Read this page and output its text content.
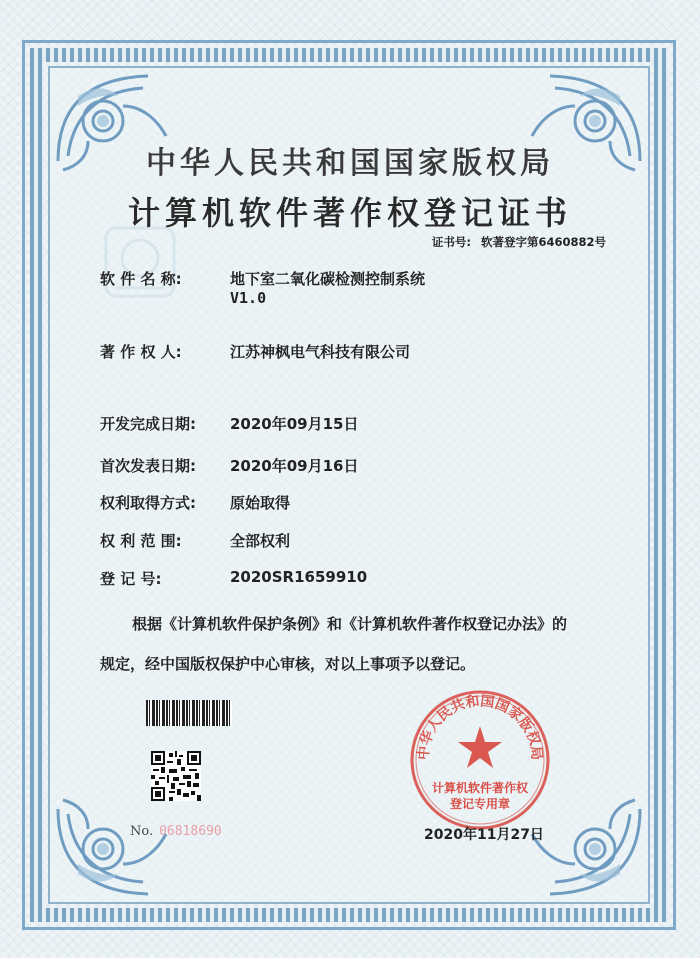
中华人民共和国国家版权局
计算机软件著作权登记证书
证书号: 软著登字第6460882号
软 件 名 称:	地下室二氧化碳检测控制系统
V1.0
著 作 权 人:	江苏神枫电气科技有限公司
开发完成日期: 2020年09月15日
首次发表日期: 2020年09月16日
权利取得方式: 原始取得
权 利 范 围:	全部权利
登 记 号:	2020SR1659910
根据《计算机软件保护条例》和《计算机软件著作权登记办法》的
规定，经中国版权保护中心审核，对以上事项予以登记。
No. 06818690
中华人民共和国国家版权局
计算机软件著作权
登记专用章
2020年11月27日
